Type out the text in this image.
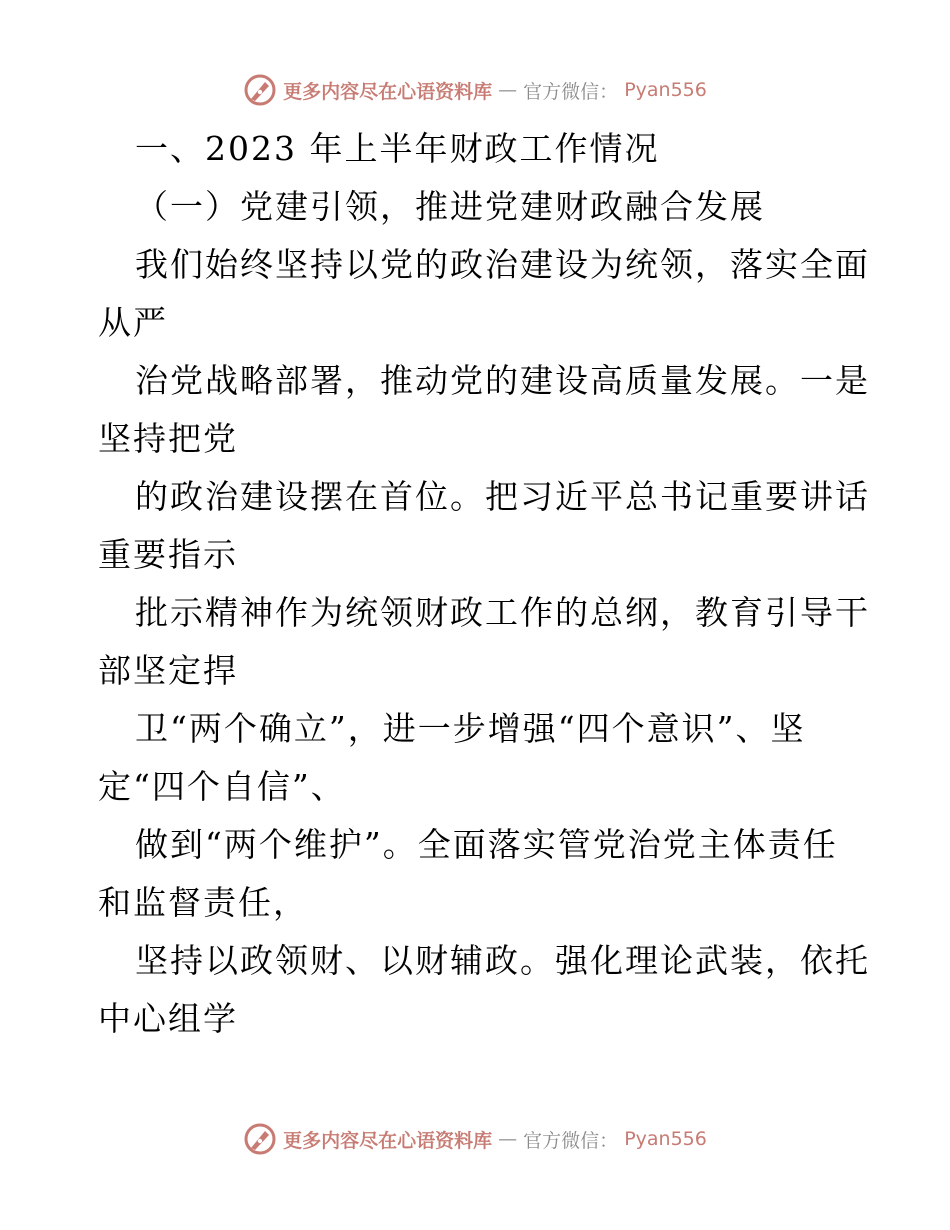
更多内容尽在心语资料库 — 官方微信： Pyan556
一、2023 年上半年财政工作情况
（一）党建引领，推进党建财政融合发展
我们始终坚持以党的政治建设为统领，落实全面
从严
治党战略部署，推动党的建设高质量发展。一是
坚持把党
的政治建设摆在首位。把习近平总书记重要讲话
重要指示
批示精神作为统领财政工作的总纲，教育引导干
部坚定捍
卫“两个确立”，进一步增强“四个意识”、坚
定“四个自信”、
做到“两个维护”。全面落实管党治党主体责任
和监督责任，
坚持以政领财、以财辅政。强化理论武装，依托
中心组学
更多内容尽在心语资料库 — 官方微信： Pyan556
